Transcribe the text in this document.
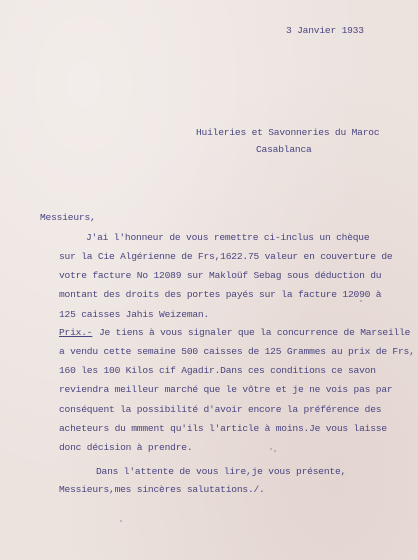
3 Janvier 1933
Huileries et Savonneries du Maroc
Casablanca
Messieurs,
J'ai l'honneur de vous remettre ci-inclus un chèque
sur la Cie Algérienne de Frs,1622.75 valeur en couverture de
votre facture No 12089 sur Makloüf Sebag sous déduction du
montant des droits des portes payés sur la facture 12090 à
125 caisses Jahis Weizeman.
Prix.- Je tiens à vous signaler que la concurrence de Marseille
a vendu cette semaine 500 caisses de 125 Grammes au prix de Frs,
160 les 100 Kilos cif Agadir.Dans ces conditions ce savon
reviendra meilleur marché que le vôtre et je ne vois pas par
conséquent la possibilité d'avoir encore la préférence des
acheteurs du mmment qu'ils l'article à moins.Je vous laisse
donc décision à prendre.
Dans l'attente de vous lire,je vous présente,
Messieurs,mes sincères salutations./.
